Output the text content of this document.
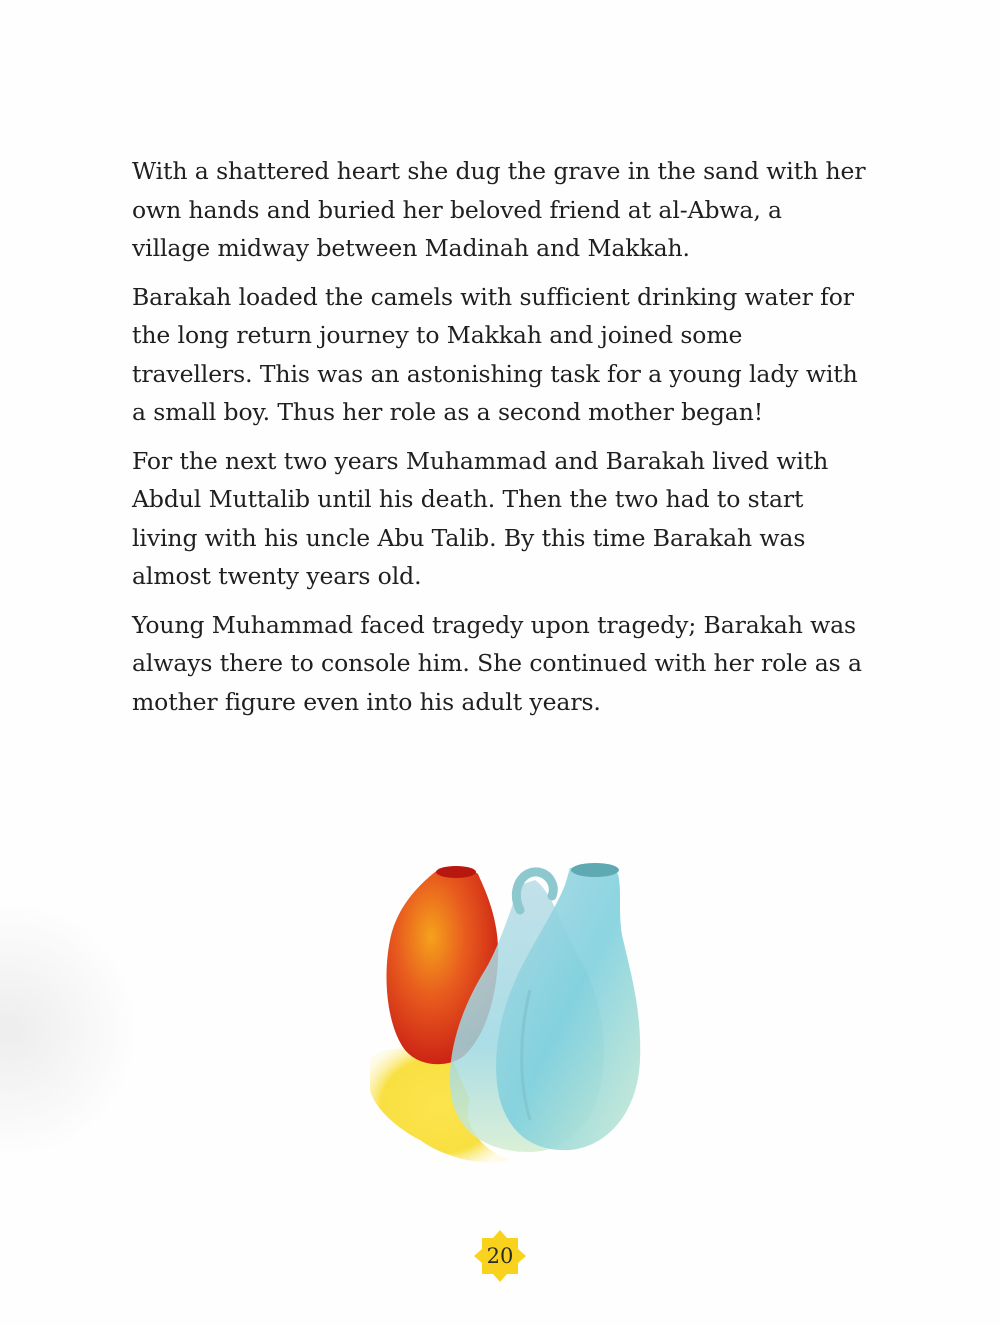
With a shattered heart she dug the grave in the sand with her own hands and buried her beloved friend at al-Abwa, a village midway between Madinah and Makkah.

Barakah loaded the camels with sufficient drinking water for the long return journey to Makkah and joined some travellers. This was an astonishing task for a young lady with a small boy. Thus her role as a second mother began!

For the next two years Muhammad and Barakah lived with Abdul Muttalib until his death. Then the two had to start living with his uncle Abu Talib. By this time Barakah was almost twenty years old.

Young Muhammad faced tragedy upon tragedy; Barakah was always there to console him. She continued with her role as a mother figure even into his adult years.

20
